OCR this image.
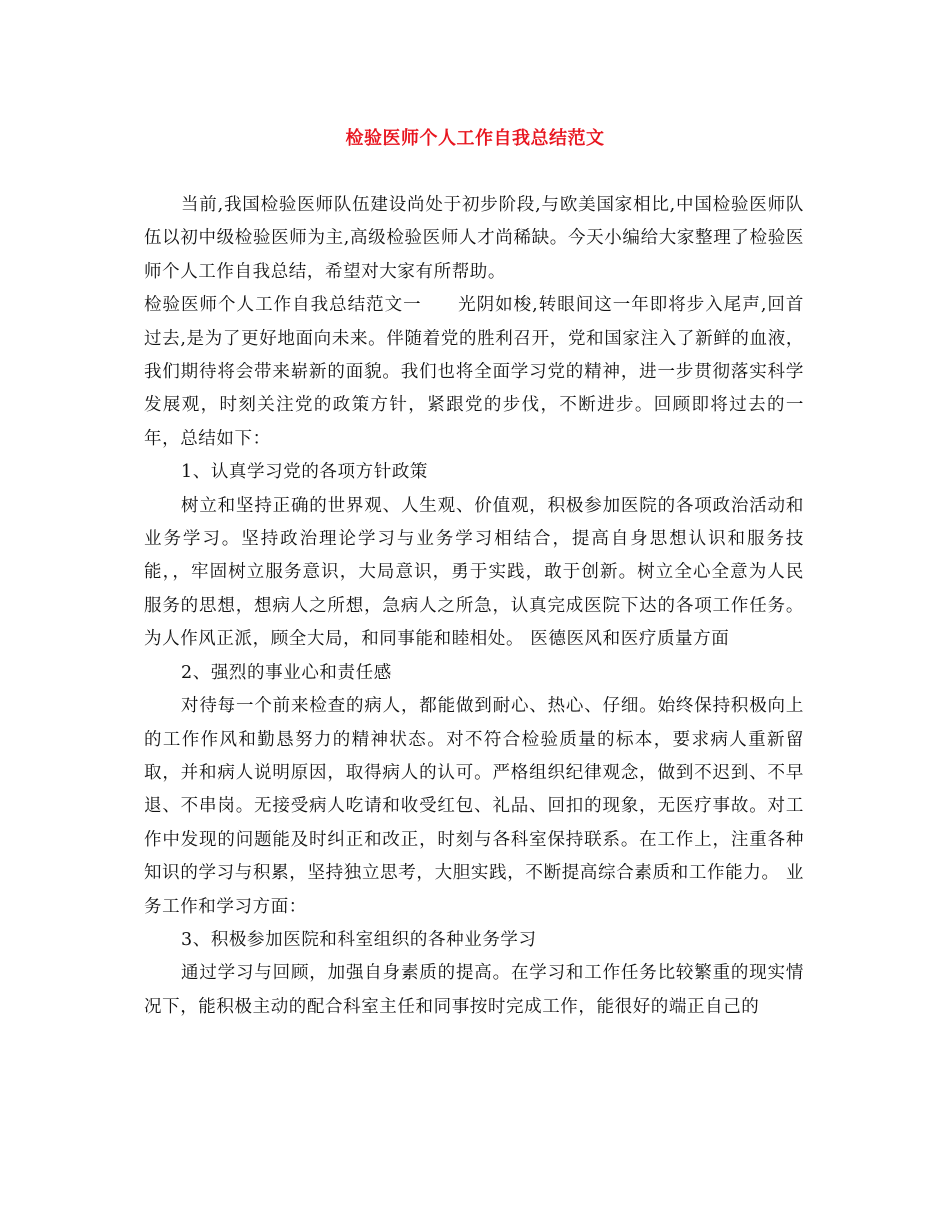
检验医师个人工作自我总结范文

当前,我国检验医师队伍建设尚处于初步阶段,与欧美国家相比,中国检验医师队伍以初中级检验医师为主,高级检验医师人才尚稀缺。今天小编给大家整理了检验医师个人工作自我总结，希望对大家有所帮助。

检验医师个人工作自我总结范文一 光阴如梭,转眼间这一年即将步入尾声,回首过去,是为了更好地面向未来。伴随着党的胜利召开，党和国家注入了新鲜的血液，我们期待将会带来崭新的面貌。我们也将全面学习党的精神，进一步贯彻落实科学发展观，时刻关注党的政策方针，紧跟党的步伐，不断进步。回顾即将过去的一年，总结如下：

1、认真学习党的各项方针政策

树立和坚持正确的世界观、人生观、价值观，积极参加医院的各项政治活动和业务学习。坚持政治理论学习与业务学习相结合，提高自身思想认识和服务技能，，牢固树立服务意识，大局意识，勇于实践，敢于创新。树立全心全意为人民服务的思想，想病人之所想，急病人之所急，认真完成医院下达的各项工作任务。为人作风正派，顾全大局，和同事能和睦相处。 医德医风和医疗质量方面

2、强烈的事业心和责任感

对待每一个前来检查的病人，都能做到耐心、热心、仔细。始终保持积极向上的工作作风和勤恳努力的精神状态。对不符合检验质量的标本，要求病人重新留取，并和病人说明原因，取得病人的认可。严格组织纪律观念，做到不迟到、不早退、不串岗。无接受病人吃请和收受红包、礼品、回扣的现象，无医疗事故。对工作中发现的问题能及时纠正和改正，时刻与各科室保持联系。在工作上，注重各种知识的学习与积累，坚持独立思考，大胆实践，不断提高综合素质和工作能力。 业务工作和学习方面：

3、积极参加医院和科室组织的各种业务学习

通过学习与回顾，加强自身素质的提高。在学习和工作任务比较繁重的现实情况下，能积极主动的配合科室主任和同事按时完成工作，能很好的端正自己的
